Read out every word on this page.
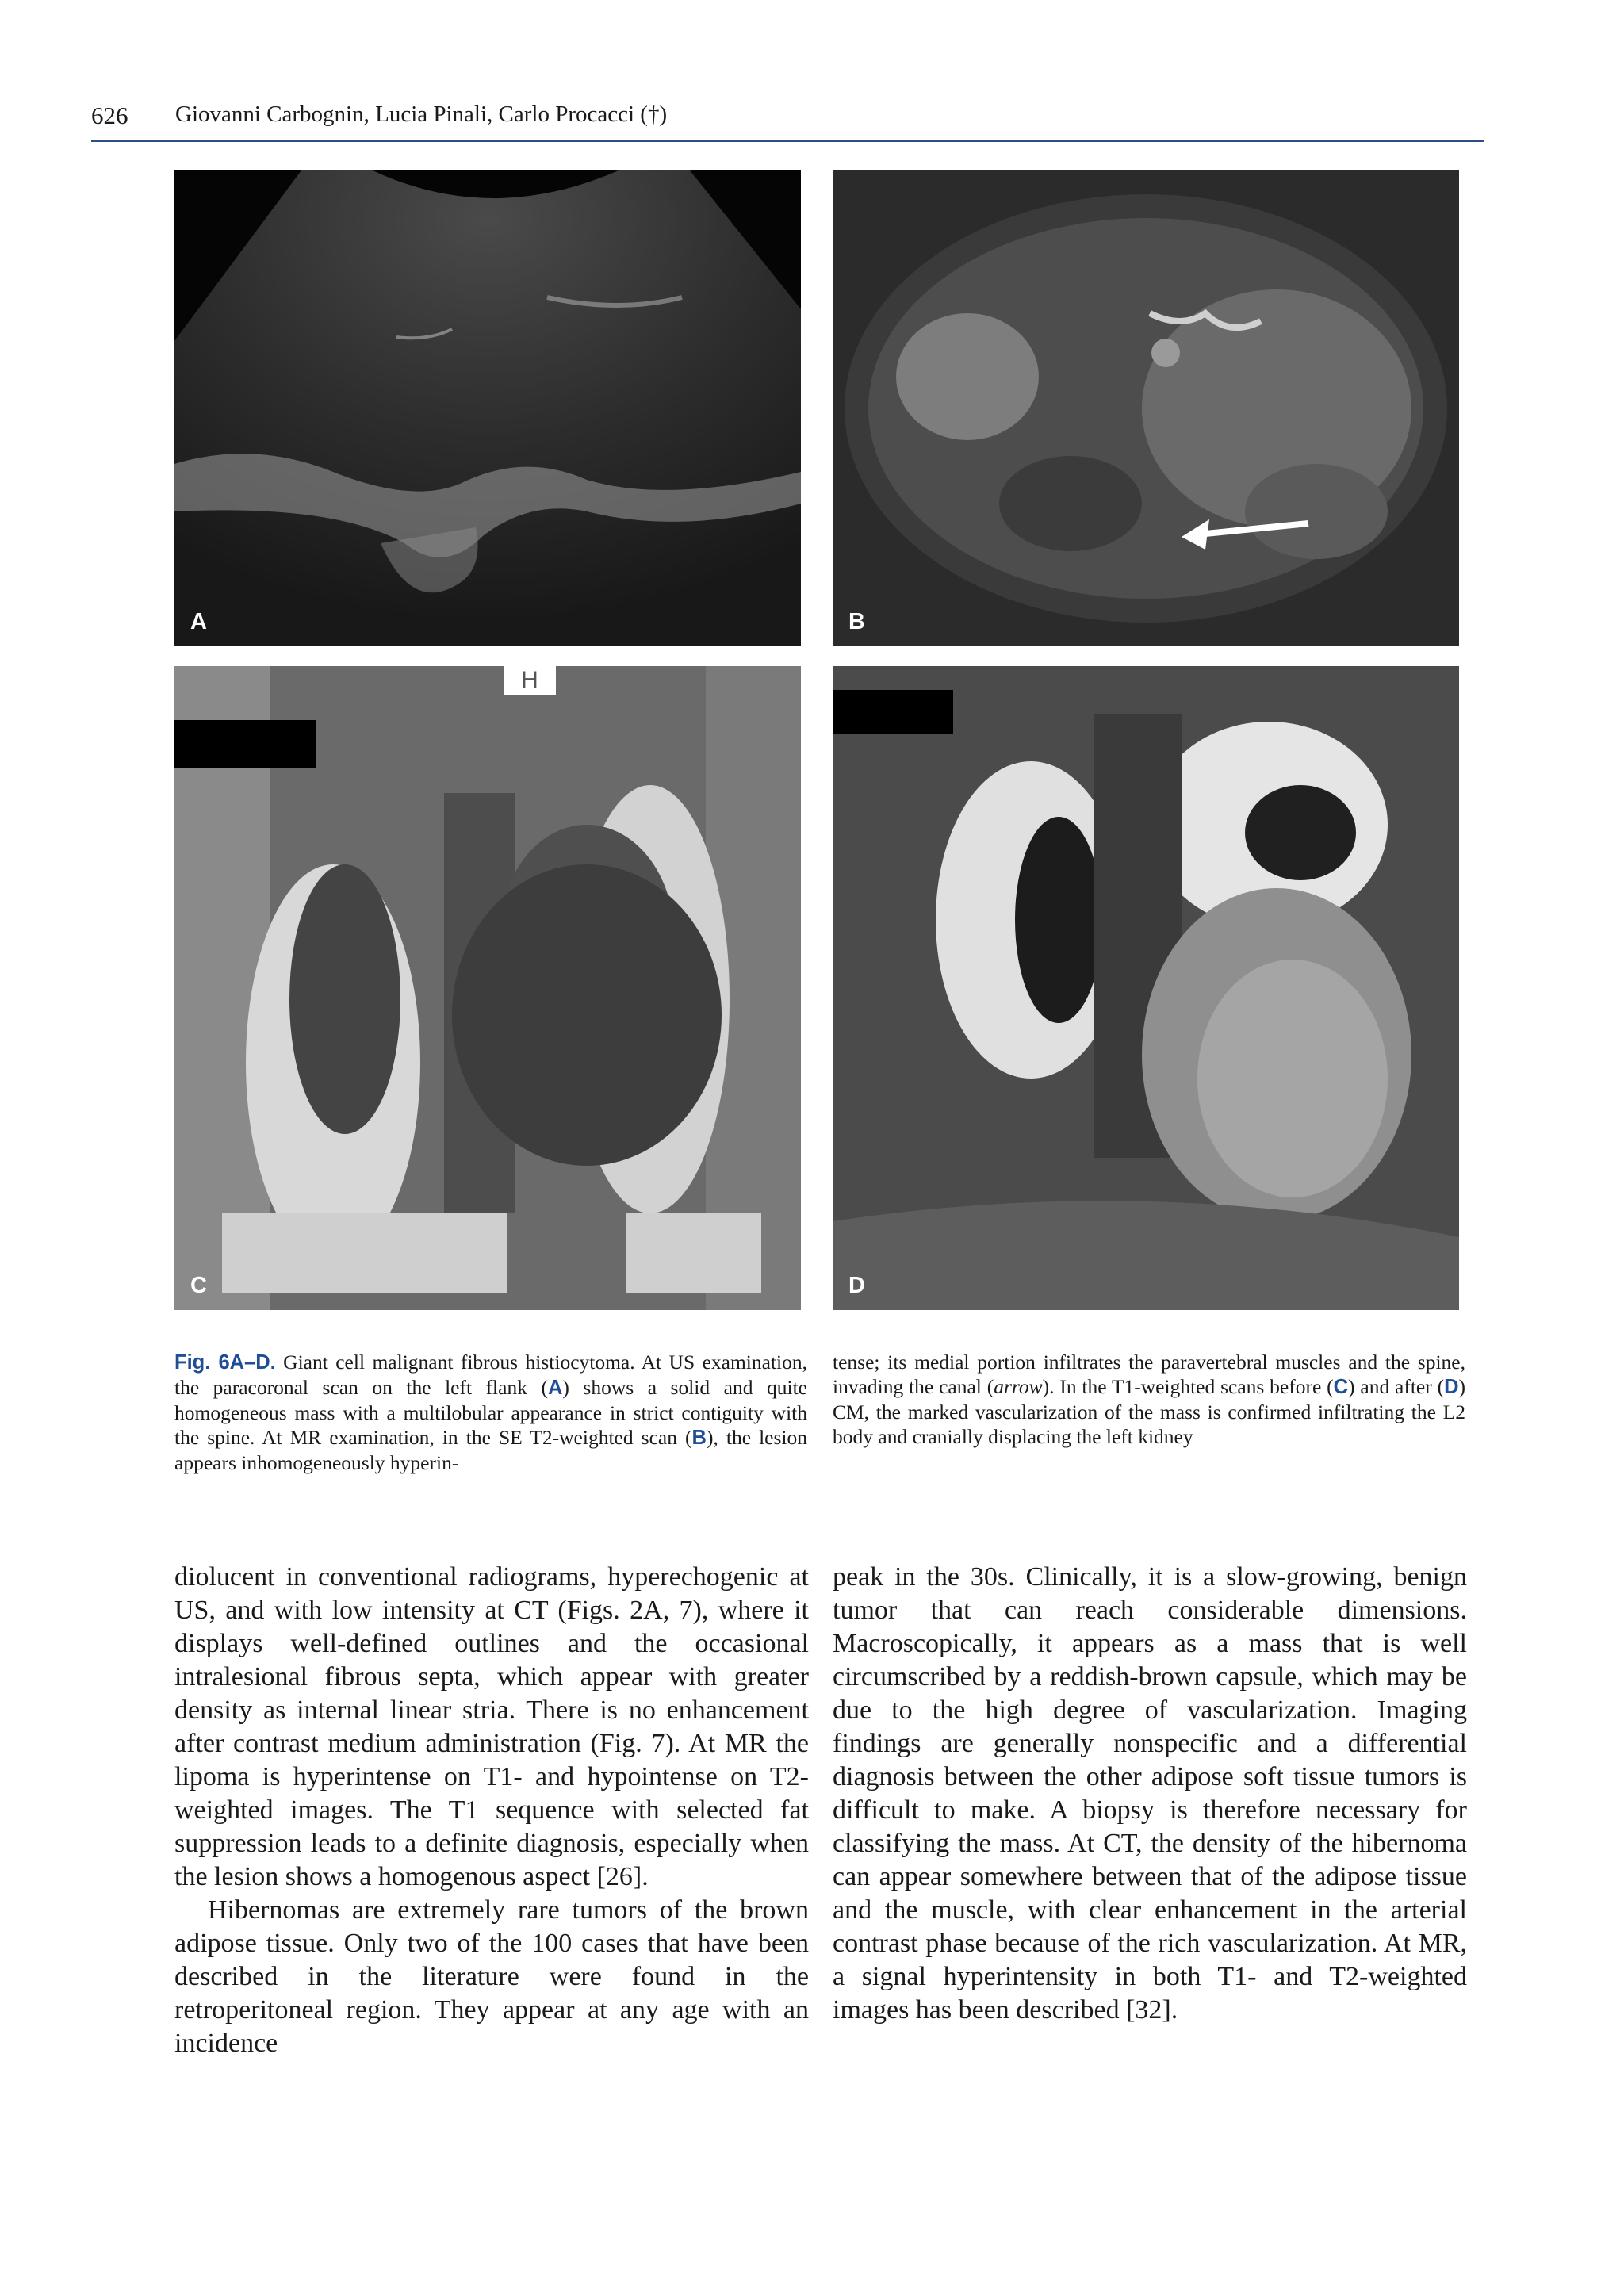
626 Giovanni Carbognin, Lucia Pinali, Carlo Procacci (†)
A	B
H
C	D
Fig. 6A–D. Giant cell malignant fibrous histiocytoma. At US examination, the paracoronal scan on the left flank (A) shows a solid and quite homogeneous mass with a multilobular appearance in strict contiguity with the spine. At MR examination, in the SE T2-weighted scan (B), the lesion appears inhomogeneously hyperin-
tense; its medial portion infiltrates the paravertebral muscles and the spine, invading the canal (arrow). In the T1-weighted scans before (C) and after (D) CM, the marked vascularization of the mass is confirmed infiltrating the L2 body and cranially displacing the left kidney

diolucent in conventional radiograms, hyperechogenic at US, and with low intensity at CT (Figs. 2A, 7), where it displays well-defined outlines and the occasional intralesional fibrous septa, which appear with greater density as internal linear stria. There is no enhancement after contrast medium administration (Fig. 7). At MR the lipoma is hyperintense on T1- and hypointense on T2-weighted images. The T1 sequence with selected fat suppression leads to a definite diagnosis, especially when the lesion shows a homogenous aspect [26].

Hibernomas are extremely rare tumors of the brown adipose tissue. Only two of the 100 cases that have been described in the literature were found in the retroperitoneal region. They appear at any age with an incidence

peak in the 30s. Clinically, it is a slow-growing, benign tumor that can reach considerable dimensions. Macroscopically, it appears as a mass that is well circumscribed by a reddish-brown capsule, which may be due to the high degree of vascularization. Imaging findings are generally nonspecific and a differential diagnosis between the other adipose soft tissue tumors is difficult to make. A biopsy is therefore necessary for classifying the mass. At CT, the density of the hibernoma can appear somewhere between that of the adipose tissue and the muscle, with clear enhancement in the arterial contrast phase because of the rich vascularization. At MR, a signal hyperintensity in both T1- and T2-weighted images has been described [32].
